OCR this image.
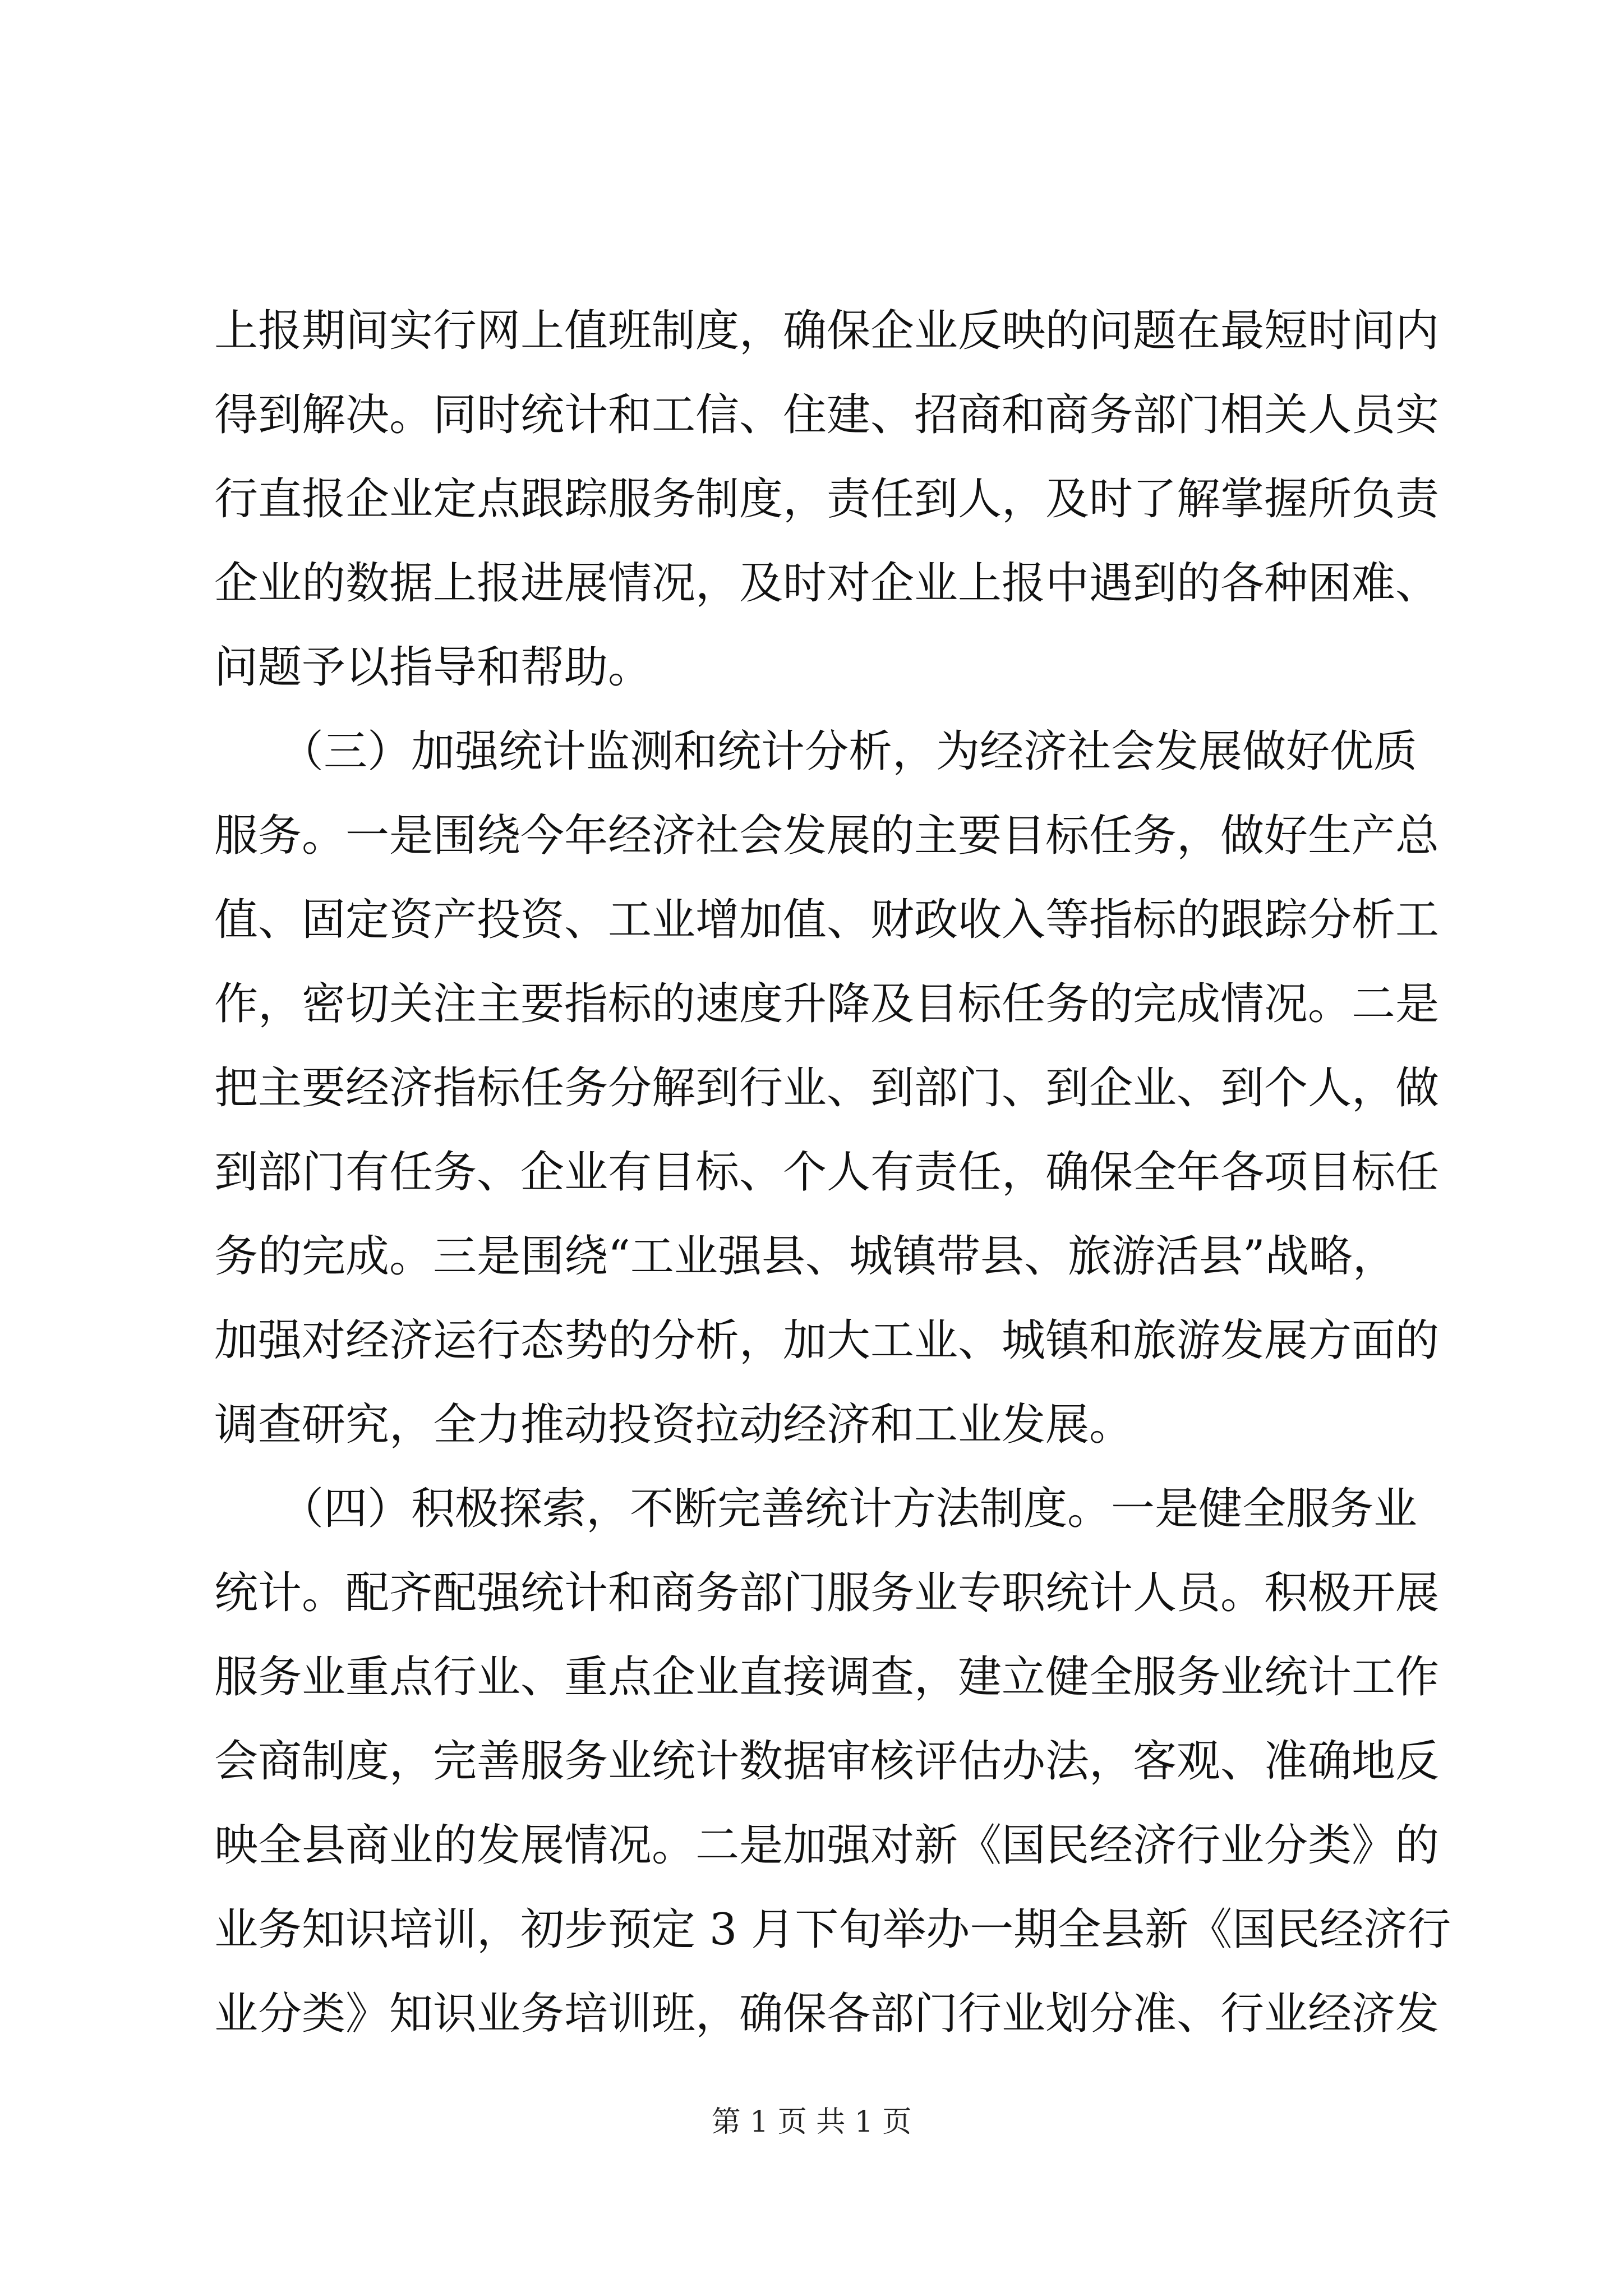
上报期间实行网上值班制度，确保企业反映的问题在最短时间内
得到解决。同时统计和工信、住建、招商和商务部门相关人员实
行直报企业定点跟踪服务制度，责任到人，及时了解掌握所负责
企业的数据上报进展情况，及时对企业上报中遇到的各种困难、
问题予以指导和帮助。
　　（三）加强统计监测和统计分析，为经济社会发展做好优质
服务。一是围绕今年经济社会发展的主要目标任务，做好生产总
值、固定资产投资、工业增加值、财政收入等指标的跟踪分析工
作，密切关注主要指标的速度升降及目标任务的完成情况。二是
把主要经济指标任务分解到行业、到部门、到企业、到个人，做
到部门有任务、企业有目标、个人有责任，确保全年各项目标任
务的完成。三是围绕“工业强县、城镇带县、旅游活县”战略，
加强对经济运行态势的分析，加大工业、城镇和旅游发展方面的
调查研究，全力推动投资拉动经济和工业发展。
　　（四）积极探索，不断完善统计方法制度。一是健全服务业
统计。配齐配强统计和商务部门服务业专职统计人员。积极开展
服务业重点行业、重点企业直接调查，建立健全服务业统计工作
会商制度，完善服务业统计数据审核评估办法，客观、准确地反
映全县商业的发展情况。二是加强对新《国民经济行业分类》的
业务知识培训，初步预定 3 月下旬举办一期全县新《国民经济行
业分类》知识业务培训班，确保各部门行业划分准、行业经济发
第 1 页 共 1 页
